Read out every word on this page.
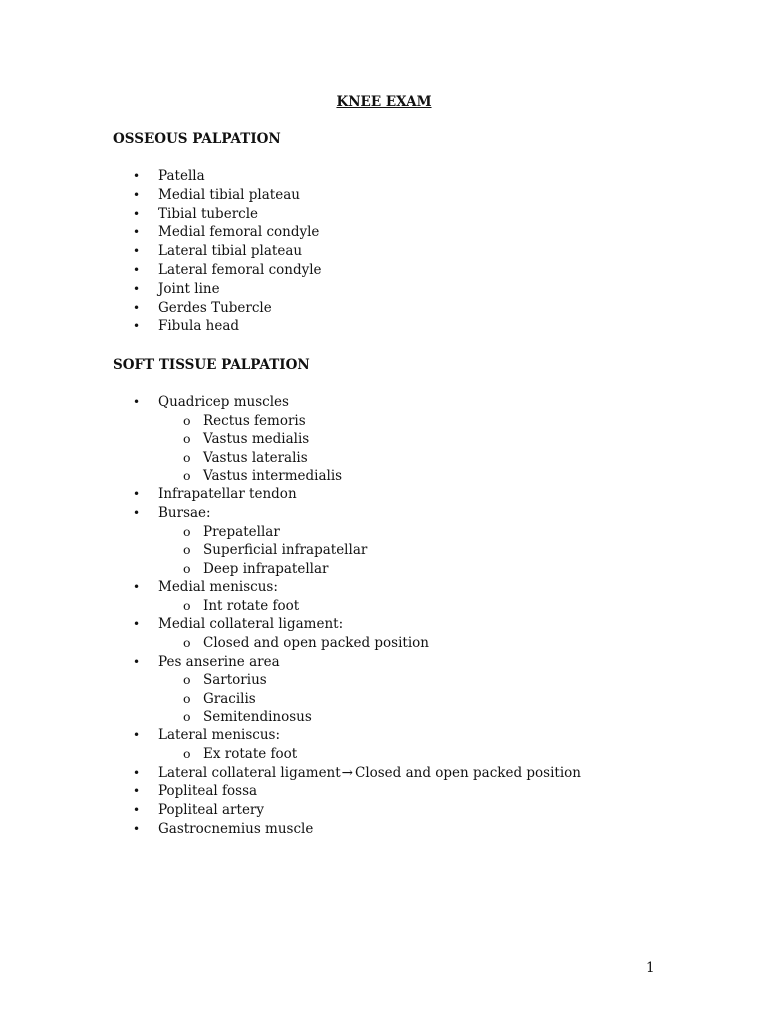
KNEE EXAM
OSSEOUS PALPATION
• Patella
• Medial tibial plateau
• Tibial tubercle
• Medial femoral condyle
• Lateral tibial plateau
• Lateral femoral condyle
• Joint line
• Gerdes Tubercle
• Fibula head
SOFT TISSUE PALPATION
• Quadricep muscles
o Rectus femoris
o Vastus medialis
o Vastus lateralis
o Vastus intermedialis
• Infrapatellar tendon
• Bursae:
o Prepatellar
o Superficial infrapatellar
o Deep infrapatellar
• Medial meniscus:
o Int rotate foot
• Medial collateral ligament:
o Closed and open packed position
• Pes anserine area
o Sartorius
o Gracilis
o Semitendinosus
• Lateral meniscus:
o Ex rotate foot
• Lateral collateral ligament→ Closed and open packed position
• Popliteal fossa
• Popliteal artery
• Gastrocnemius muscle
1
